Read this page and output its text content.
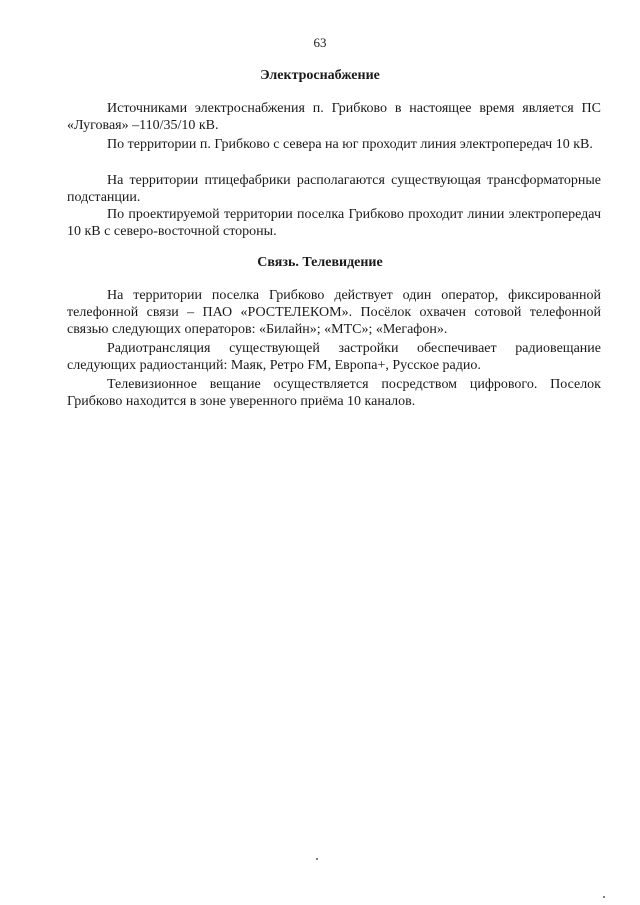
63
Электроснабжение

Источниками электроснабжения п. Грибково в настоящее время является ПС «Луговая» –110/35/10 кВ.

По территории п. Грибково с севера на юг проходит линия электропередач 10 кВ.

На территории птицефабрики располагаются существующая трансформаторные подстанции.

По проектируемой территории поселка Грибково проходит линии электропередач 10 кВ с северо-восточной стороны.

Связь. Телевидение

На территории поселка Грибково действует один оператор, фиксированной телефонной связи – ПАО «РОСТЕЛЕКОМ». Посёлок охвачен сотовой телефонной связью следующих операторов: «Билайн»; «МТС»; «Мегафон».

Радиотрансляция существующей застройки обеспечивает радиовещание следующих радиостанций: Маяк, Ретро FM, Европа+, Русское радио.

Телевизионное вещание осуществляется посредством цифрового. Поселок Грибково находится в зоне уверенного приёма 10 каналов.
